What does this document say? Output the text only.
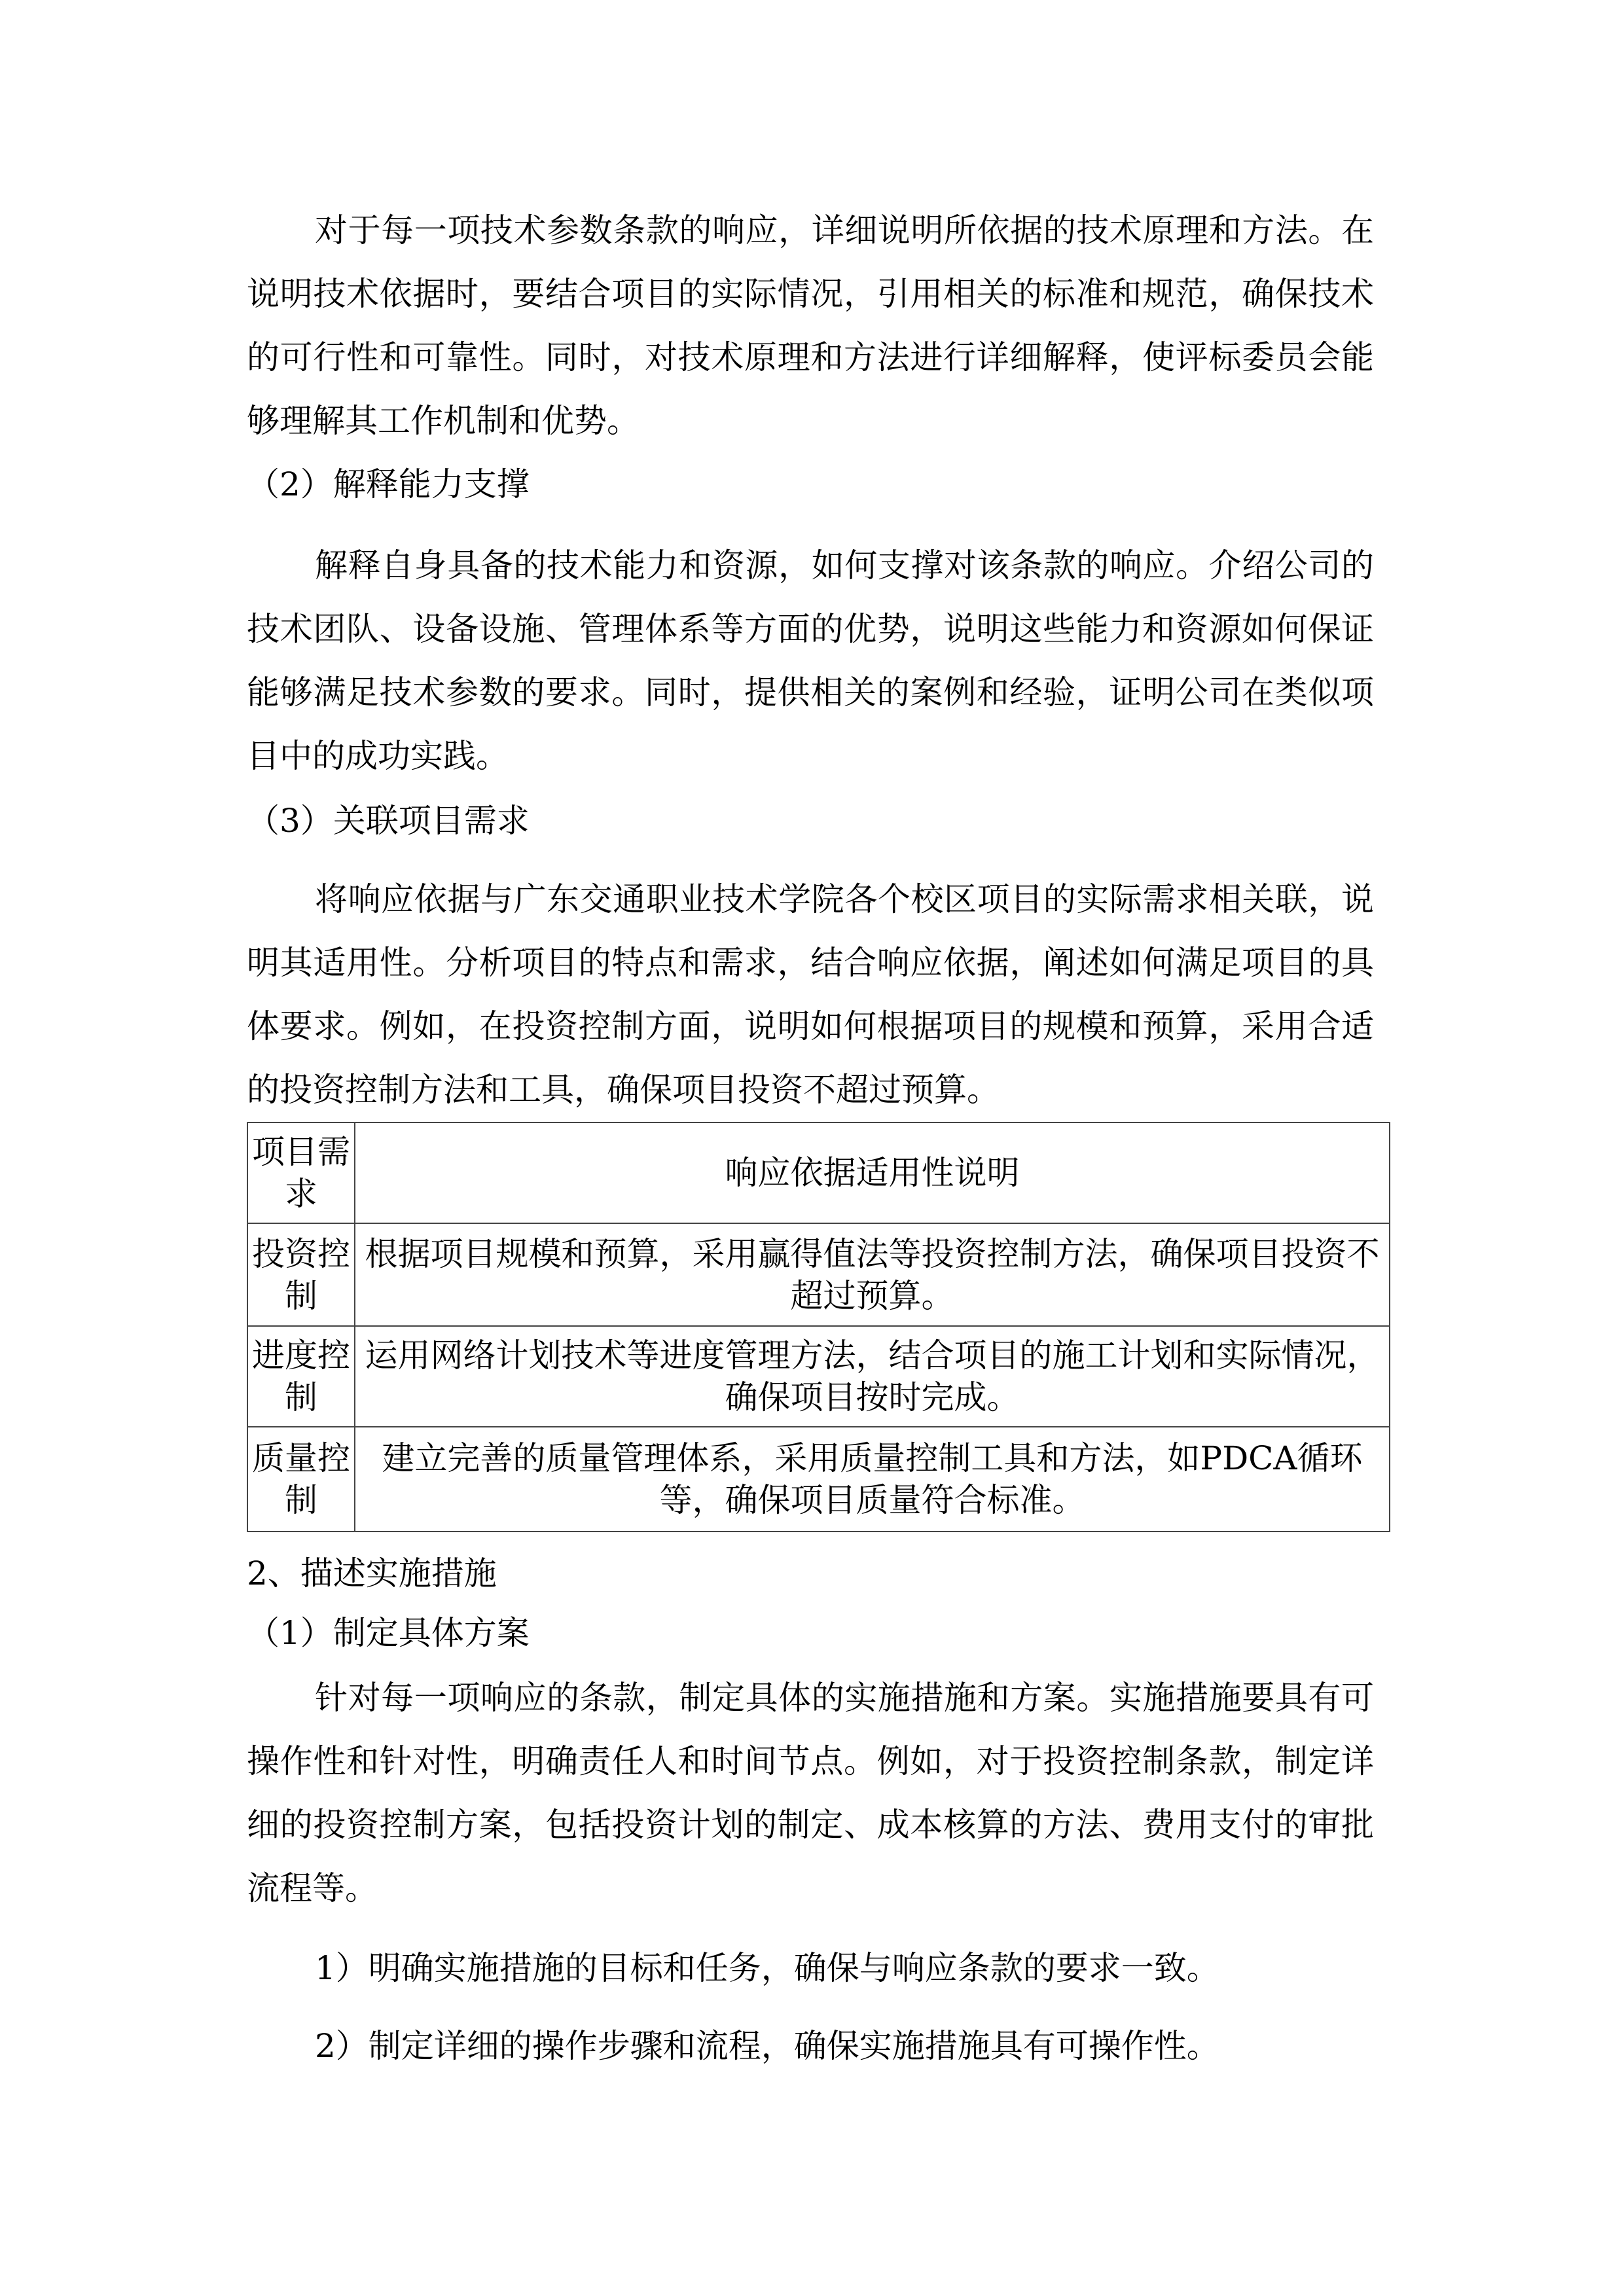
对于每一项技术参数条款的响应，详细说明所依据的技术原理和方法。在说明技术依据时，要结合项目的实际情况，引用相关的标准和规范，确保技术的可行性和可靠性。同时，对技术原理和方法进行详细解释，使评标委员会能够理解其工作机制和优势。
（2）解释能力支撑
解释自身具备的技术能力和资源，如何支撑对该条款的响应。介绍公司的技术团队、设备设施、管理体系等方面的优势，说明这些能力和资源如何保证能够满足技术参数的要求。同时，提供相关的案例和经验，证明公司在类似项目中的成功实践。
（3）关联项目需求
将响应依据与广东交通职业技术学院各个校区项目的实际需求相关联，说明其适用性。分析项目的特点和需求，结合响应依据，阐述如何满足项目的具体要求。例如，在投资控制方面，说明如何根据项目的规模和预算，采用合适的投资控制方法和工具，确保项目投资不超过预算。
项目需求	响应依据适用性说明
投资控制	根据项目规模和预算，采用赢得值法等投资控制方法，确保项目投资不超过预算。
进度控制	运用网络计划技术等进度管理方法，结合项目的施工计划和实际情况，确保项目按时完成。
质量控制	建立完善的质量管理体系，采用质量控制工具和方法，如PDCA循环等，确保项目质量符合标准。
2、描述实施措施
（1）制定具体方案
针对每一项响应的条款，制定具体的实施措施和方案。实施措施要具有可操作性和针对性，明确责任人和时间节点。例如，对于投资控制条款，制定详细的投资控制方案，包括投资计划的制定、成本核算的方法、费用支付的审批流程等。
1）明确实施措施的目标和任务，确保与响应条款的要求一致。
2）制定详细的操作步骤和流程，确保实施措施具有可操作性。
